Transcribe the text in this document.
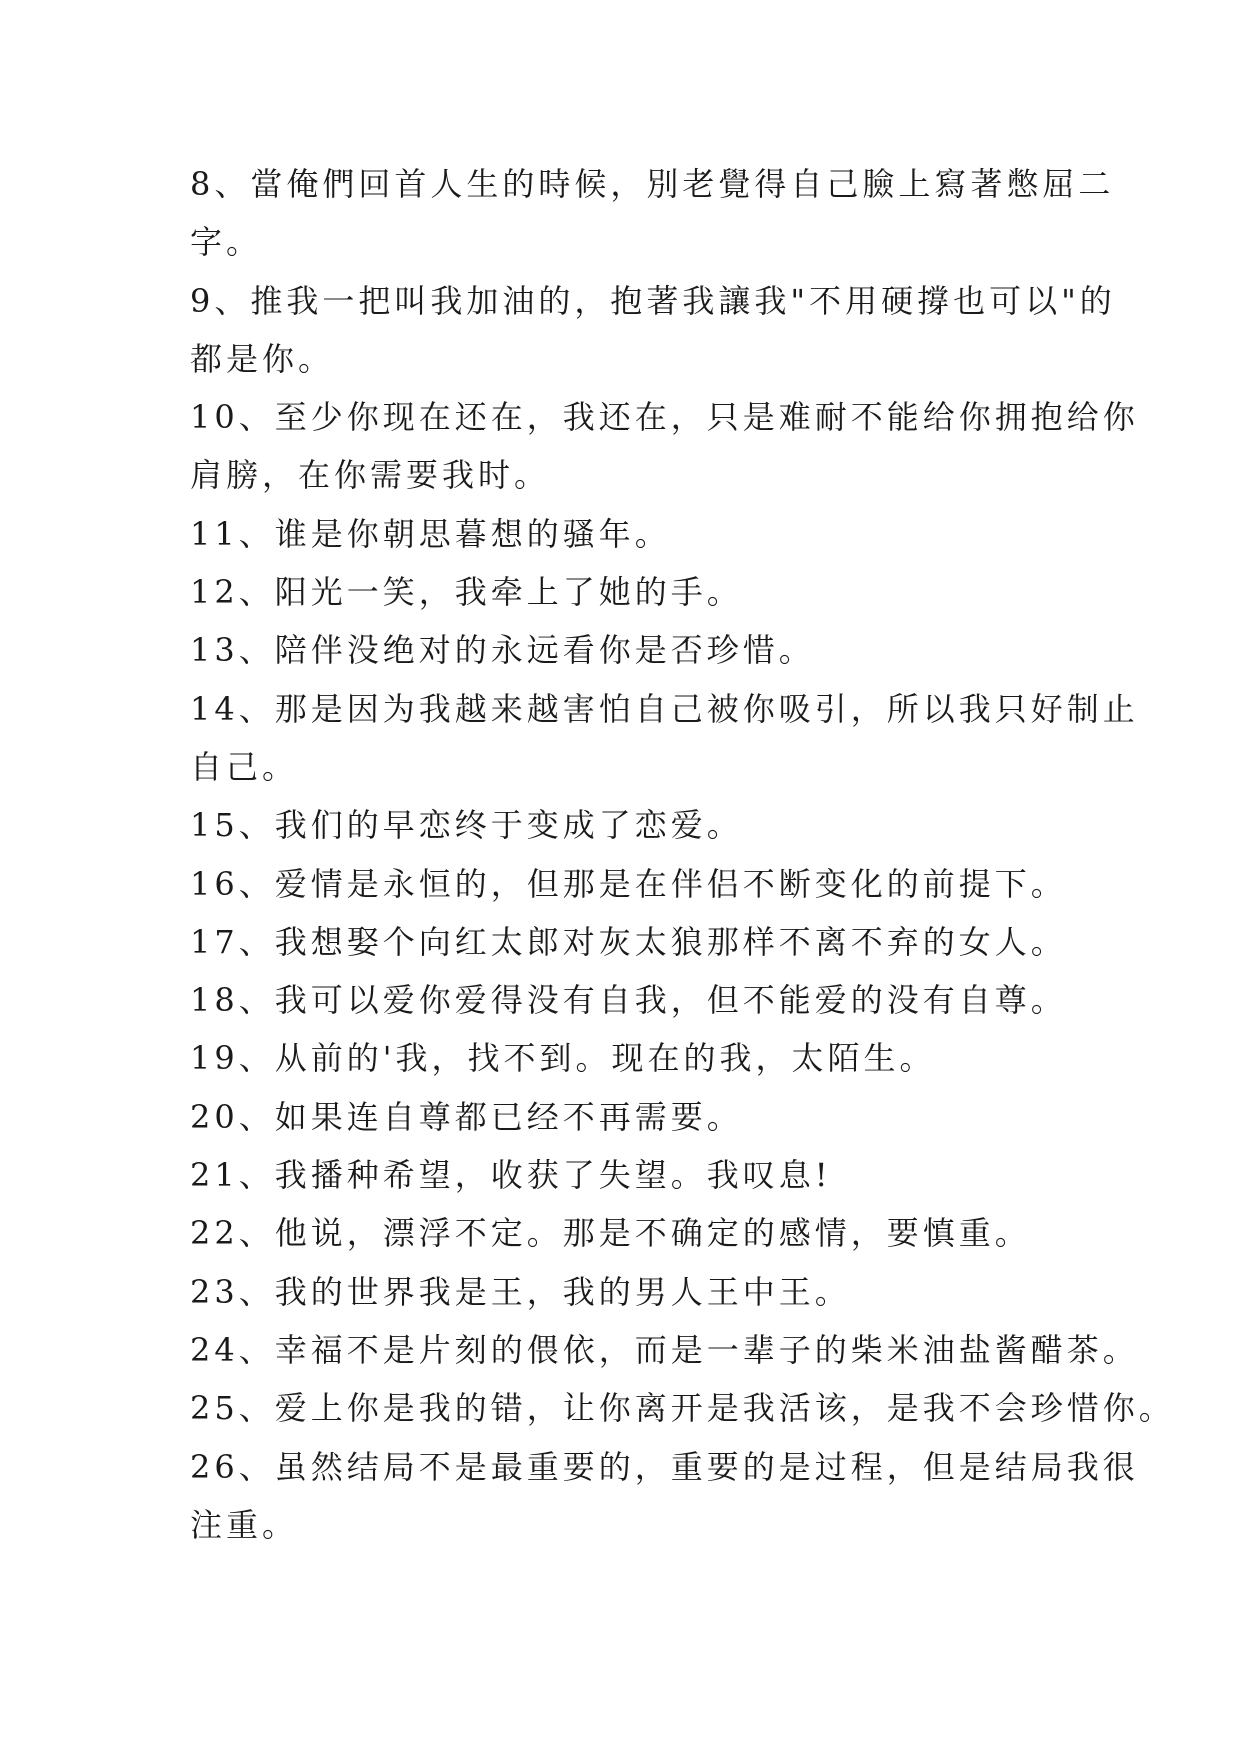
8、當俺們回首人生的時候，別老覺得自己臉上寫著憋屈二
字。
9、推我一把叫我加油的，抱著我讓我"不用硬撐也可以"的
都是你。
10、至少你现在还在，我还在，只是难耐不能给你拥抱给你
肩膀，在你需要我时。
11、谁是你朝思暮想的骚年。
12、阳光一笑，我牵上了她的手。
13、陪伴没绝对的永远看你是否珍惜。
14、那是因为我越来越害怕自己被你吸引，所以我只好制止
自己。
15、我们的早恋终于变成了恋爱。
16、爱情是永恒的，但那是在伴侣不断变化的前提下。
17、我想娶个向红太郎对灰太狼那样不离不弃的女人。
18、我可以爱你爱得没有自我，但不能爱的没有自尊。
19、从前的'我，找不到。现在的我，太陌生。
20、如果连自尊都已经不再需要。
21、我播种希望，收获了失望。我叹息!
22、他说，漂浮不定。那是不确定的感情，要慎重。
23、我的世界我是王，我的男人王中王。
24、幸福不是片刻的偎依，而是一辈子的柴米油盐酱醋茶。
25、爱上你是我的错，让你离开是我活该，是我不会珍惜你。
26、虽然结局不是最重要的，重要的是过程，但是结局我很
注重。
